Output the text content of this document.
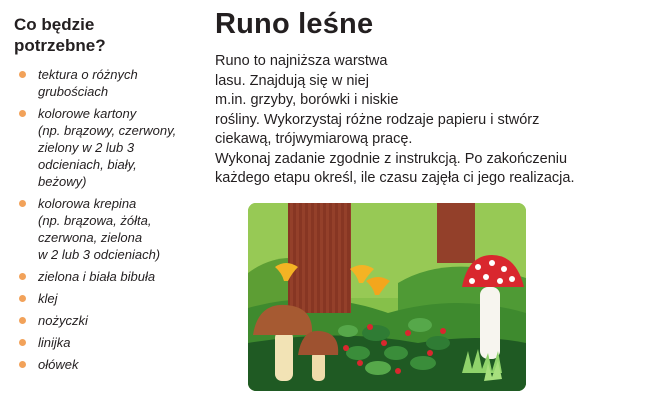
Co będzie
potrzebne?
tektura o różnych
grubościach
kolorowe kartony
(np. brązowy, czerwony,
zielony w 2 lub 3
odcieniach, biały,
beżowy)
kolorowa krepina
(np. brązowa, żółta,
czerwona, zielona
w 2 lub 3 odcieniach)
zielona i biała bibuła
klej
nożyczki
linijka
ołówek
Runo leśne

Runo to najniższa warstwa
lasu. Znajdują się w niej
m.in. grzyby, borówki i niskie
rośliny. Wykorzystaj różne rodzaje papieru i stwórz
ciekawą, trójwymiarową pracę.
Wykonaj zadanie zgodnie z instrukcją. Po zakończeniu
każdego etapu określ, ile czasu zajęła ci jego realizacja.
